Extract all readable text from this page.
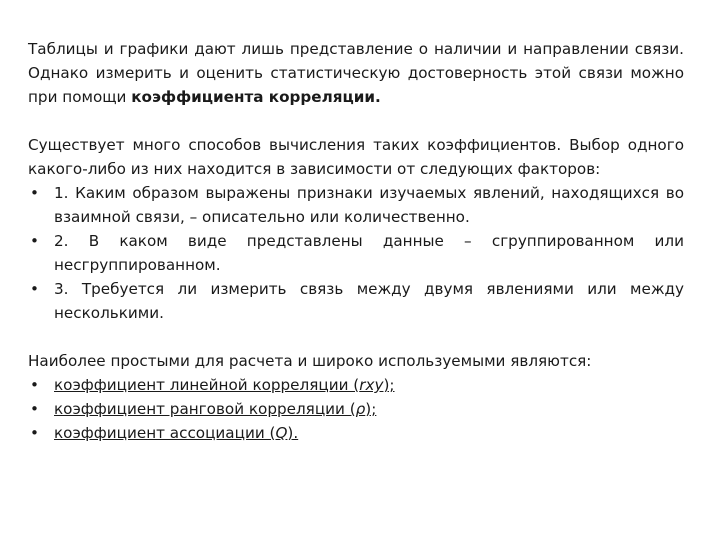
Таблицы и графики дают лишь представление о наличии и направлении связи. Однако измерить и оценить статистическую достоверность этой связи можно при помощи коэффициента корреляции.

Существует много способов вычисления таких коэффициентов. Выбор одного какого-либо из них находится в зависимости от следующих факторов:

• 1. Каким образом выражены признаки изучаемых явлений, находящихся во взаимной связи, – описательно или количественно.
• 2. В каком виде представлены данные – сгруппированном или несгруппированном.
• 3. Требуется ли измерить связь между двумя явлениями или между несколькими.

Наиболее простыми для расчета и широко используемыми являются:

• коэффициент линейной корреляции (rxy);
• коэффициент ранговой корреляции (ρ);
• коэффициент ассоциации (Q).
